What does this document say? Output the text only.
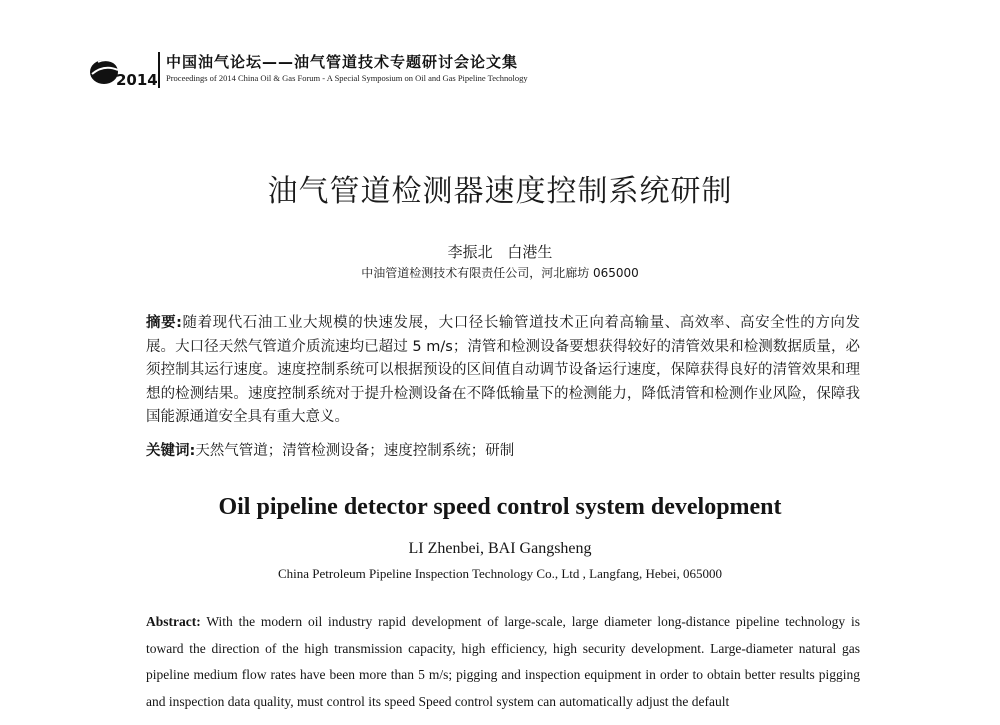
2014
中国油气论坛——油气管道技术专题研讨会论文集
Proceedings of 2014 China Oil & Gas Forum - A Special Symposium on Oil and Gas Pipeline Technology
油气管道检测器速度控制系统研制
李振北 白港生
中油管道检测技术有限责任公司，河北廊坊 065000

摘要:随着现代石油工业大规模的快速发展，大口径长输管道技术正向着高输量、高效率、高安全性的方向发展。大口径天然气管道介质流速均已超过 5 m/s；清管和检测设备要想获得较好的清管效果和检测数据质量，必须控制其运行速度。速度控制系统可以根据预设的区间值自动调节设备运行速度，保障获得良好的清管效果和理想的检测结果。速度控制系统对于提升检测设备在不降低输量下的检测能力，降低清管和检测作业风险，保障我国能源通道安全具有重大意义。

关键词:天然气管道；清管检测设备；速度控制系统；研制

Oil pipeline detector speed control system development
LI Zhenbei, BAI Gangsheng
China Petroleum Pipeline Inspection Technology Co., Ltd , Langfang, Hebei, 065000

Abstract: With the modern oil industry rapid development of large-scale, large diameter long-distance pipeline technology is toward the direction of the high transmission capacity, high efficiency, high security development. Large-diameter natural gas pipeline medium flow rates have been more than 5 m/s; pigging and inspection equipment in order to obtain better results pigging and inspection data quality, must control its speed Speed control system can automatically adjust the default
